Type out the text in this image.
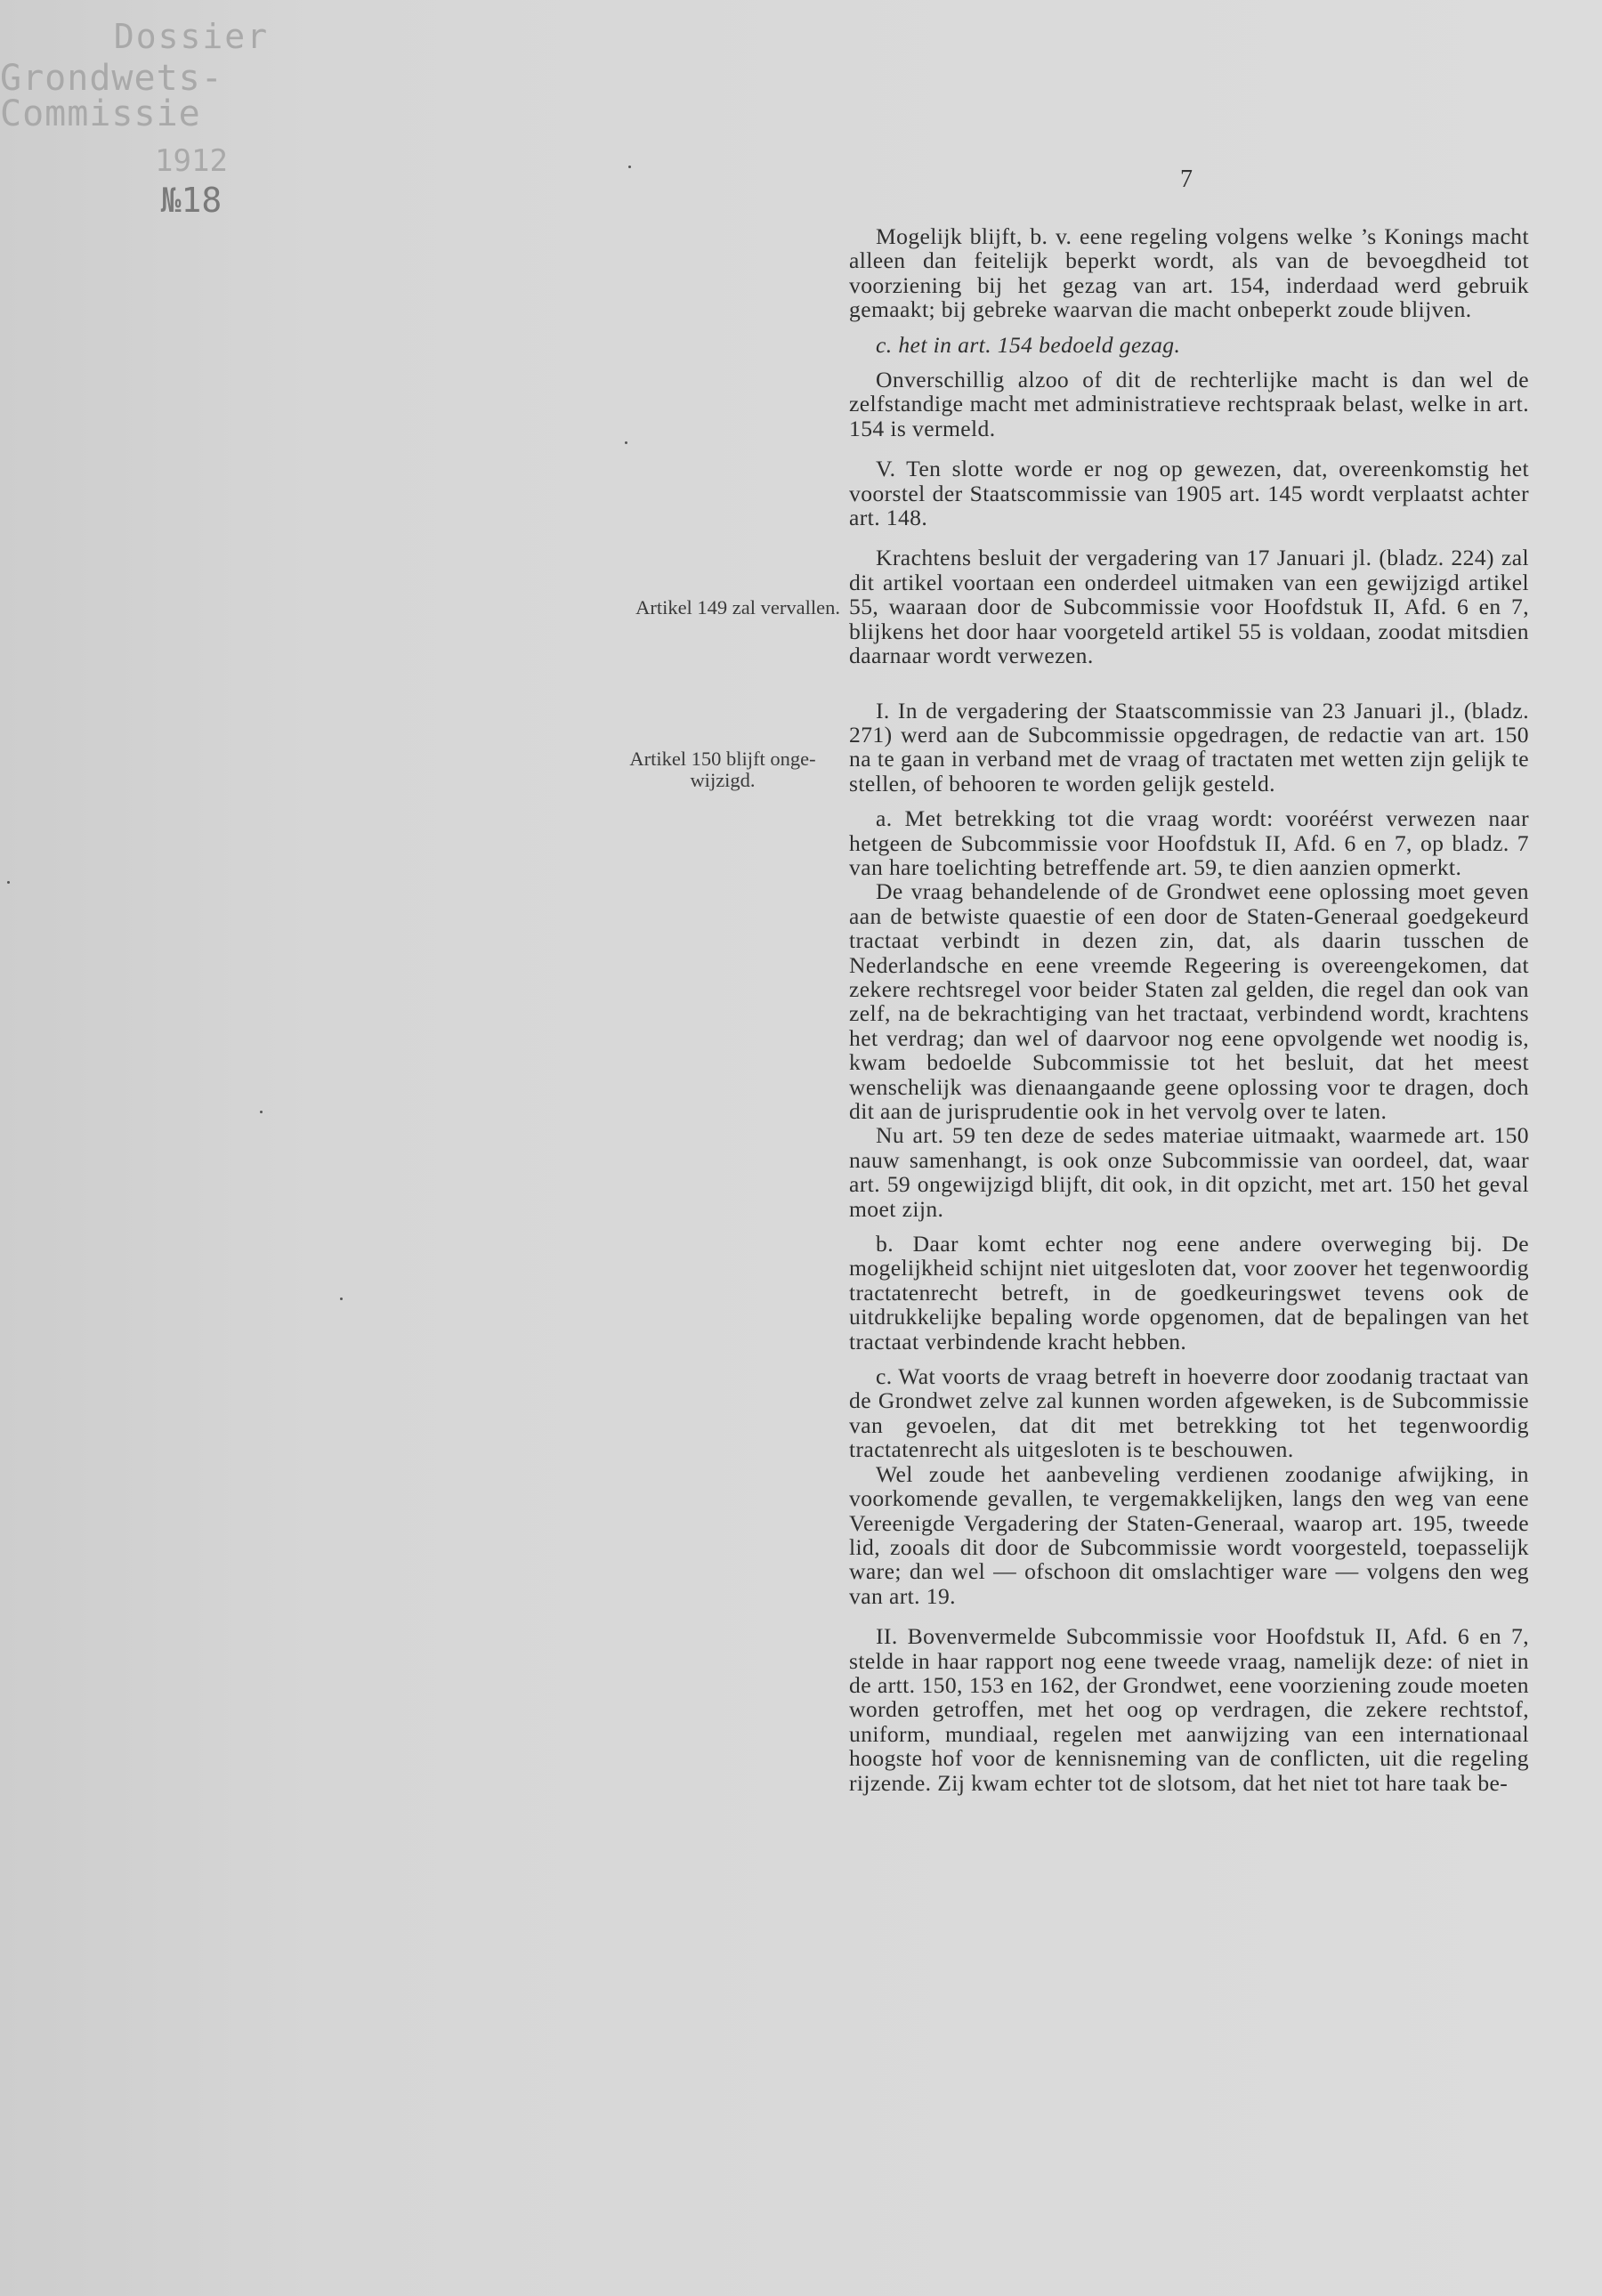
Dossier
Grondwets-Commissie
1912
№18
7
Artikel 149 zal vervallen.
Artikel 150 blijft onge-wijzigd.

Mogelijk blijft, b. v. eene regeling volgens welke ’s Konings macht alleen dan feitelijk beperkt wordt, als van de bevoegdheid tot voorziening bij het gezag van art. 154, inderdaad werd gebruik gemaakt; bij gebreke waarvan die macht onbeperkt zoude blijven.

c. het in art. 154 bedoeld gezag.

Onverschillig alzoo of dit de rechterlijke macht is dan wel de zelfstandige macht met administratieve rechtspraak belast, welke in art. 154 is vermeld.

V. Ten slotte worde er nog op gewezen, dat, overeenkomstig het voorstel der Staatscommissie van 1905 art. 145 wordt verplaatst achter art. 148.

Krachtens besluit der vergadering van 17 Januari jl. (bladz. 224) zal dit artikel voortaan een onderdeel uitmaken van een gewijzigd artikel 55, waaraan door de Subcommissie voor Hoofdstuk II, Afd. 6 en 7, blijkens het door haar voorgeteld artikel 55 is voldaan, zoodat mitsdien daarnaar wordt verwezen.

I. In de vergadering der Staatscommissie van 23 Januari jl., (bladz. 271) werd aan de Subcommissie opgedragen, de redactie van art. 150 na te gaan in verband met de vraag of tractaten met wetten zijn gelijk te stellen, of behooren te worden gelijk gesteld.

a. Met betrekking tot die vraag wordt: vooréérst verwezen naar hetgeen de Subcommissie voor Hoofdstuk II, Afd. 6 en 7, op bladz. 7 van hare toelichting betreffende art. 59, te dien aanzien opmerkt.

De vraag behandelende of de Grondwet eene oplossing moet geven aan de betwiste quaestie of een door de Staten-Generaal goedgekeurd tractaat verbindt in dezen zin, dat, als daarin tusschen de Nederlandsche en eene vreemde Regeering is overeengekomen, dat zekere rechtsregel voor beider Staten zal gelden, die regel dan ook van zelf, na de bekrachtiging van het tractaat, verbindend wordt, krachtens het verdrag; dan wel of daarvoor nog eene opvolgende wet noodig is, kwam bedoelde Subcommissie tot het besluit, dat het meest wenschelijk was dienaangaande geene oplossing voor te dragen, doch dit aan de jurisprudentie ook in het vervolg over te laten.

Nu art. 59 ten deze de sedes materiae uitmaakt, waarmede art. 150 nauw samenhangt, is ook onze Subcommissie van oordeel, dat, waar art. 59 ongewijzigd blijft, dit ook, in dit opzicht, met art. 150 het geval moet zijn.

b. Daar komt echter nog eene andere overweging bij. De mogelijkheid schijnt niet uitgesloten dat, voor zoover het tegenwoordig tractatenrecht betreft, in de goedkeuringswet tevens ook de uitdrukkelijke bepaling worde opgenomen, dat de bepalingen van het tractaat verbindende kracht hebben.

c. Wat voorts de vraag betreft in hoeverre door zoodanig tractaat van de Grondwet zelve zal kunnen worden afgeweken, is de Subcommissie van gevoelen, dat dit met betrekking tot het tegenwoordig tractatenrecht als uitgesloten is te beschouwen.

Wel zoude het aanbeveling verdienen zoodanige afwijking, in voorkomende gevallen, te vergemakkelijken, langs den weg van eene Vereenigde Vergadering der Staten-Generaal, waarop art. 195, tweede lid, zooals dit door de Subcommissie wordt voorgesteld, toepasselijk ware; dan wel — ofschoon dit omslachtiger ware — volgens den weg van art. 19.

II. Bovenvermelde Subcommissie voor Hoofdstuk II, Afd. 6 en 7, stelde in haar rapport nog eene tweede vraag, namelijk deze: of niet in de artt. 150, 153 en 162, der Grondwet, eene voorziening zoude moeten worden getroffen, met het oog op verdragen, die zekere rechtstof, uniform, mundiaal, regelen met aanwijzing van een internationaal hoogste hof voor de kennisneming van de conflicten, uit die regeling rijzende. Zij kwam echter tot de slotsom, dat het niet tot hare taak be-
